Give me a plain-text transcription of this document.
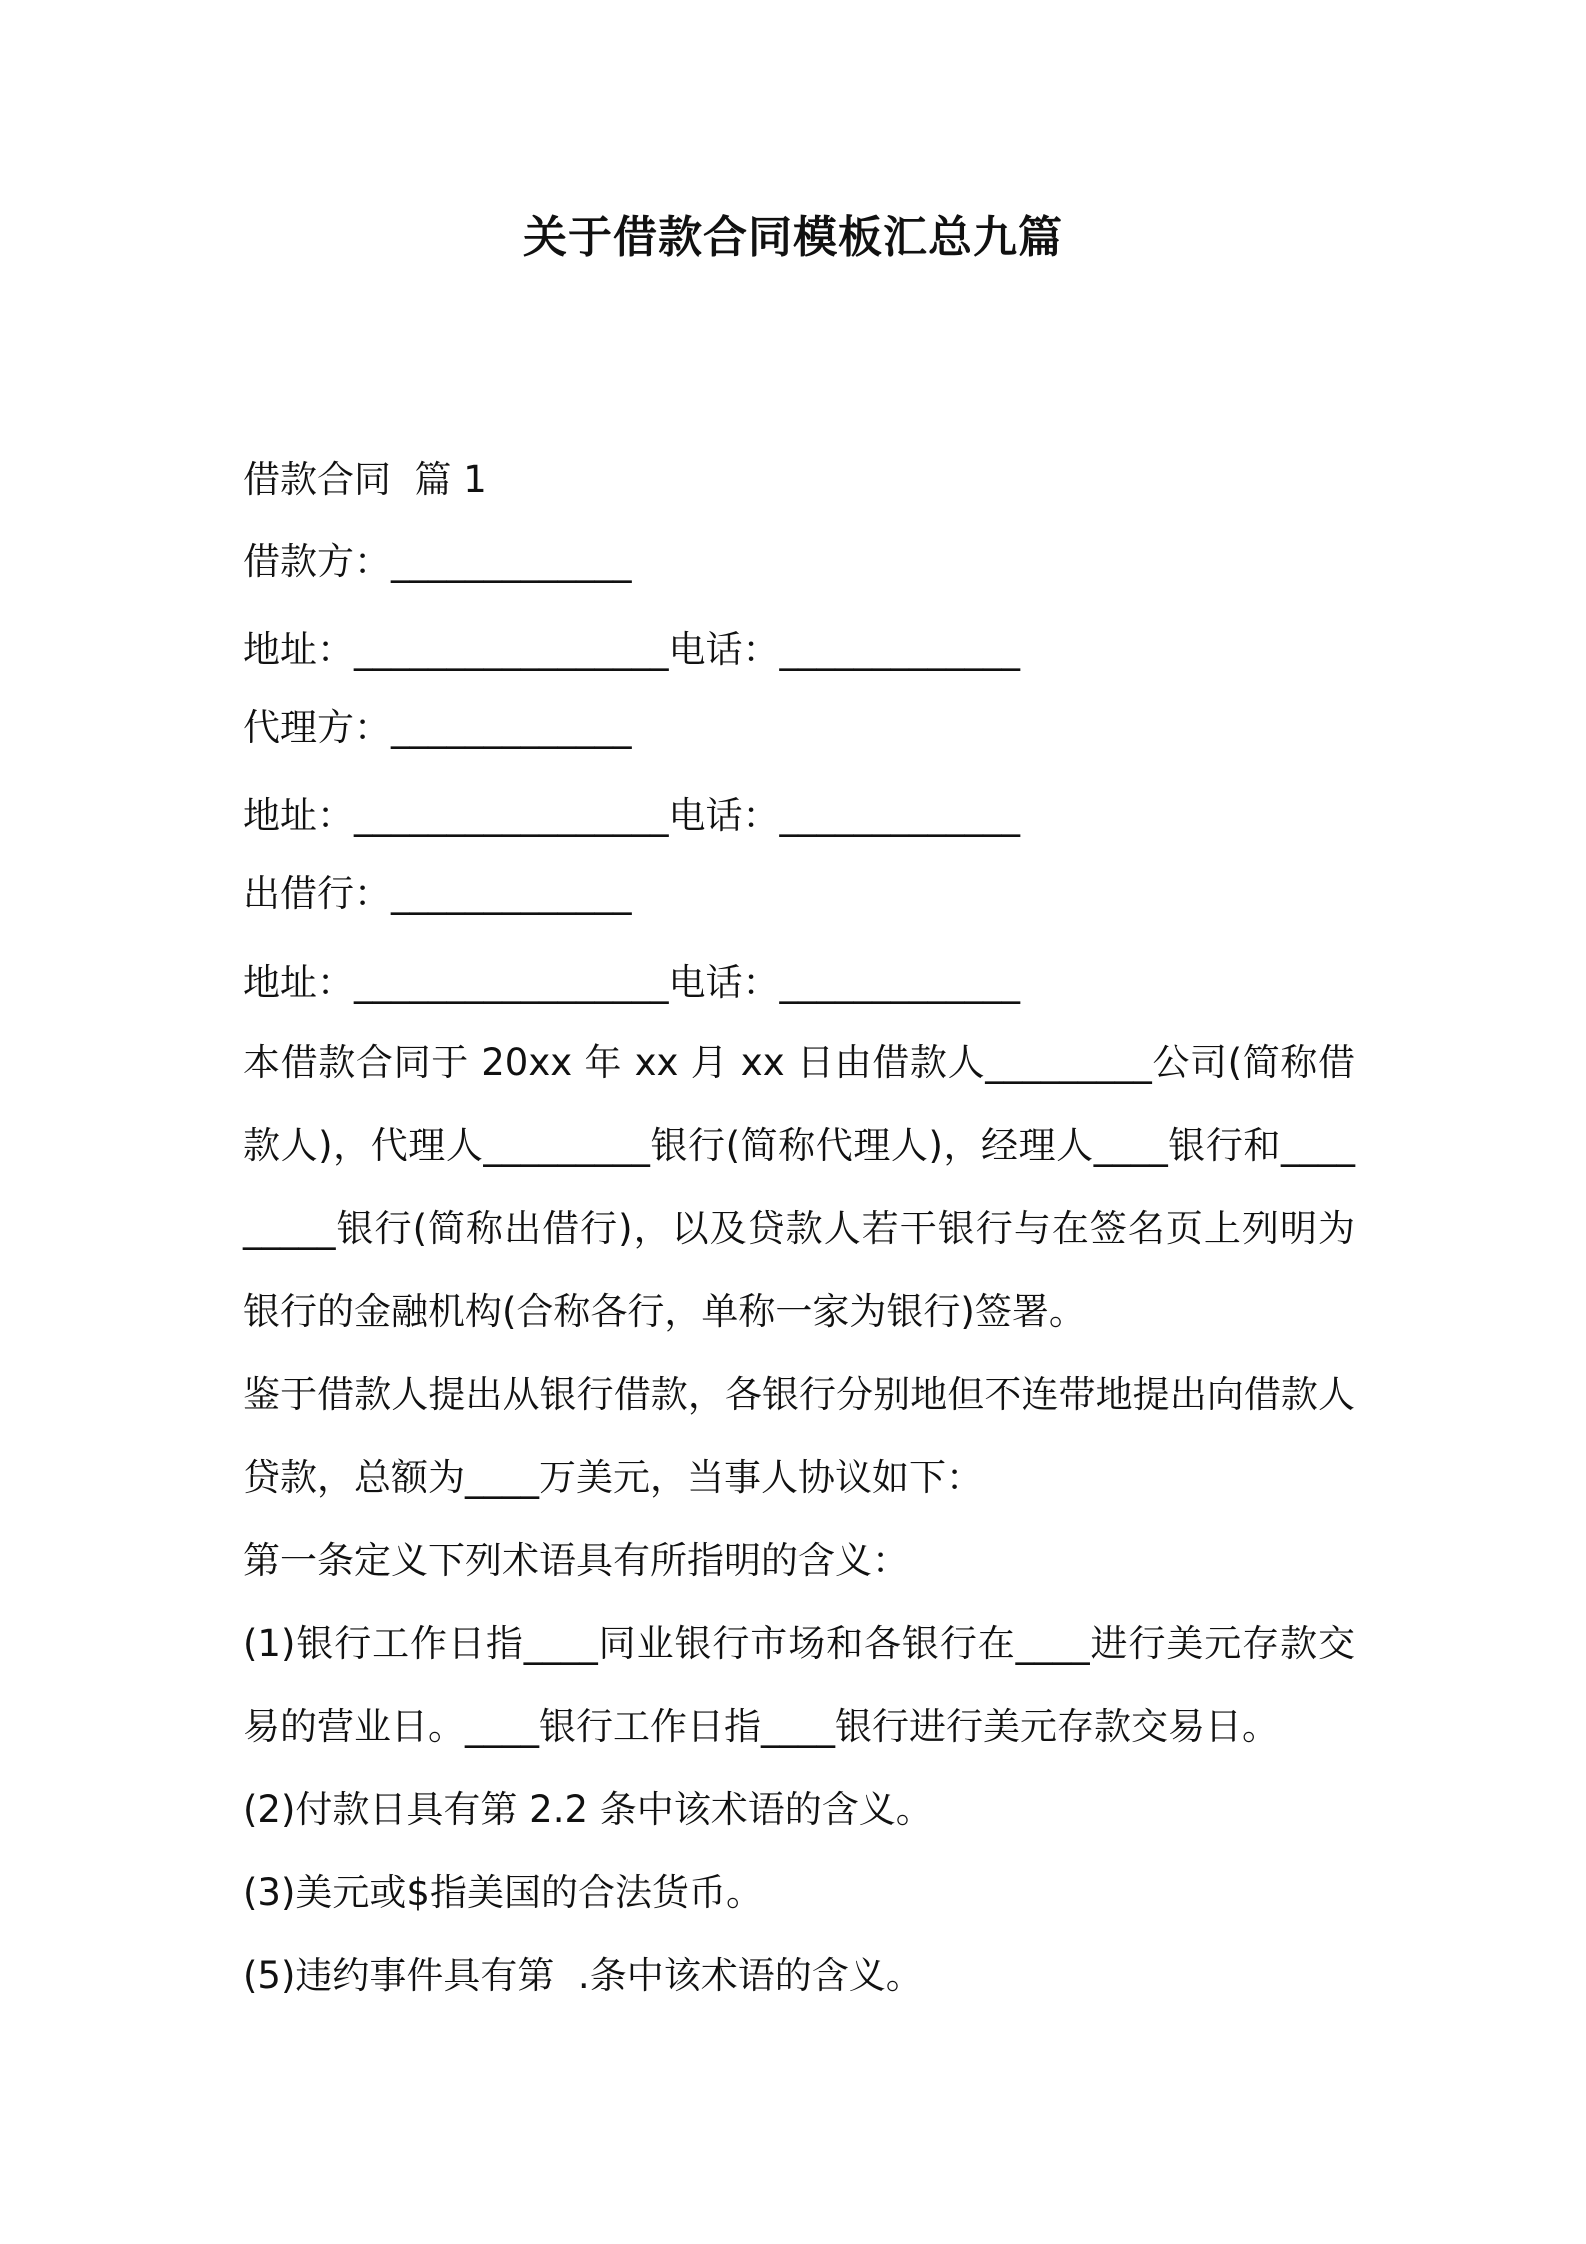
关于借款合同模板汇总九篇
借款合同  篇 1
借款方：_____________
地址：_________________电话：_____________
代理方：_____________
地址：_________________电话：_____________
出借行：_____________
地址：_________________电话：_____________
本借款合同于 20xx 年 xx 月 xx 日由借款人_________公司(简称借款人)，代理人_________银行(简称代理人)，经理人____银行和_________银行(简称出借行)，以及贷款人若干银行与在签名页上列明为银行的金融机构(合称各行，单称一家为银行)签署。
鉴于借款人提出从银行借款，各银行分别地但不连带地提出向借款人贷款，总额为____万美元，当事人协议如下：
第一条定义下列术语具有所指明的含义：
(1)银行工作日指____同业银行市场和各银行在____进行美元存款交易的营业日。____银行工作日指____银行进行美元存款交易日。
(2)付款日具有第 2.2 条中该术语的含义。
(3)美元或$指美国的合法货币。
(5)违约事件具有第  .条中该术语的含义。
